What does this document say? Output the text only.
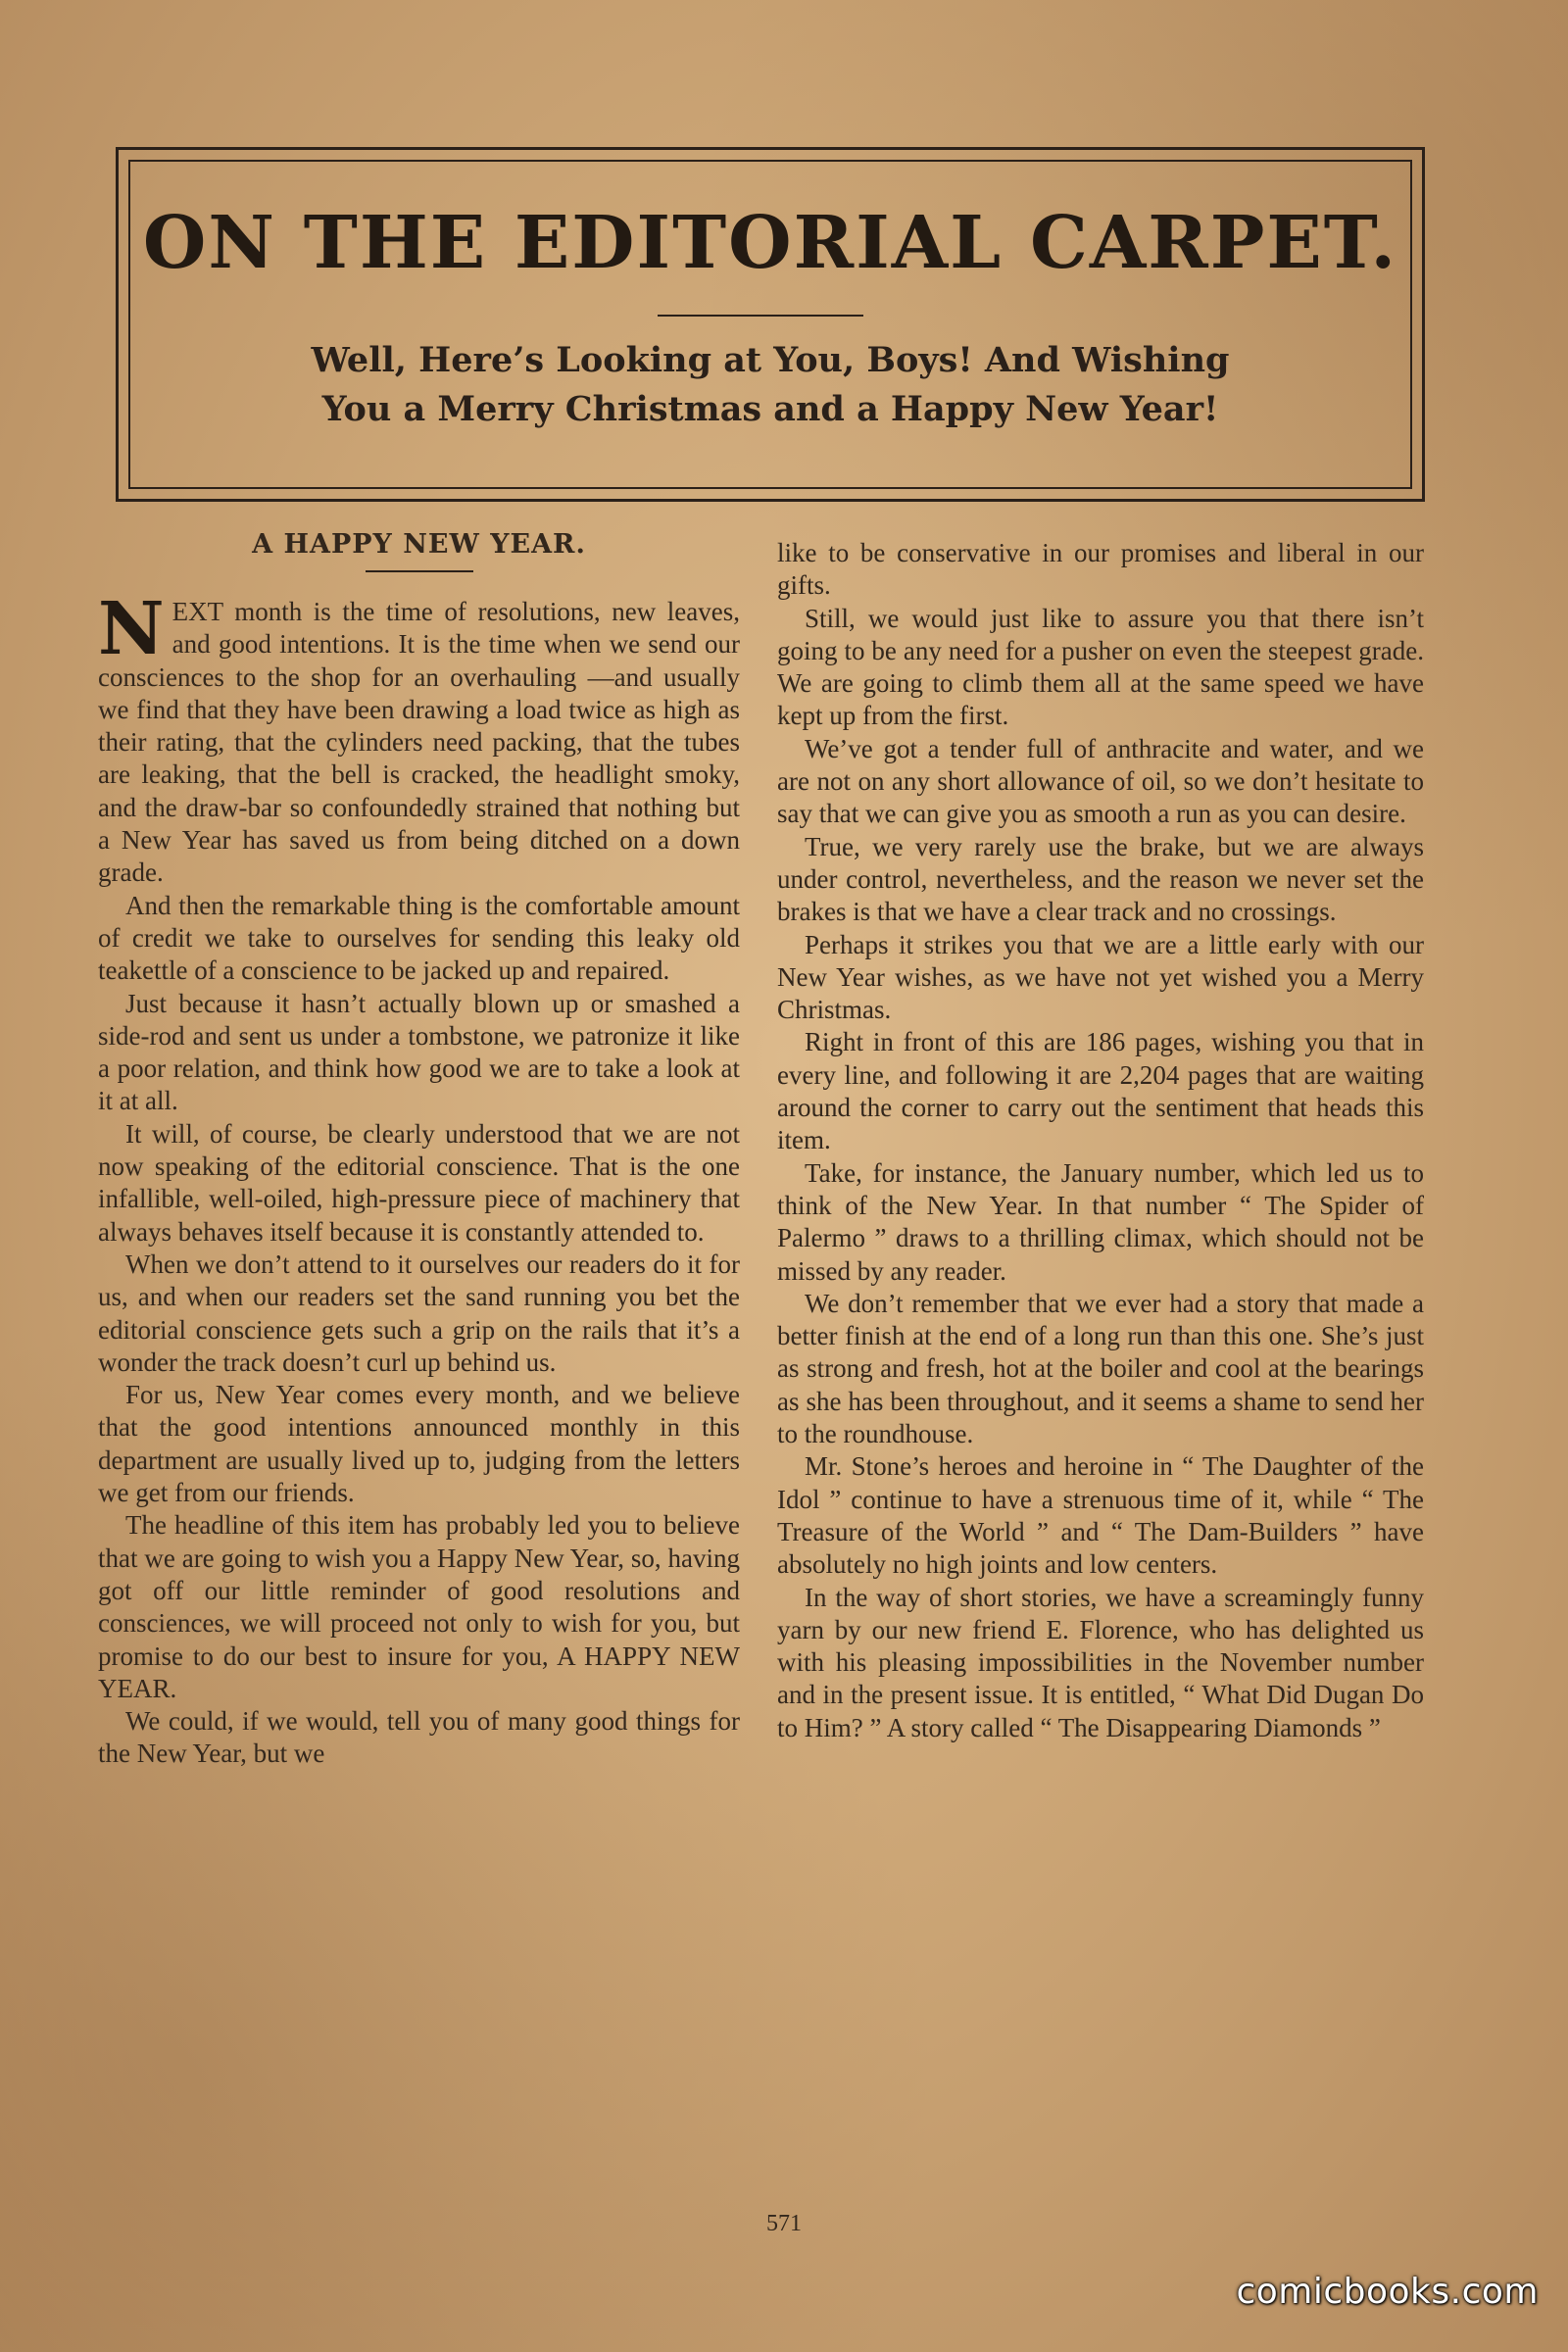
ON THE EDITORIAL CARPET.
Well, Here’s Looking at You, Boys! And Wishing
You a Merry Christmas and a Happy New Year!
A HAPPY NEW YEAR.

NEXT month is the time of resolutions, new leaves, and good intentions. It is the time when we send our consciences to the shop for an overhauling —and usually we find that they have been drawing a load twice as high as their rating, that the cylinders need packing, that the tubes are leaking, that the bell is cracked, the headlight smoky, and the draw-bar so confoundedly strained that nothing but a New Year has saved us from being ditched on a down grade.

And then the remarkable thing is the comfortable amount of credit we take to ourselves for sending this leaky old teakettle of a conscience to be jacked up and repaired.

Just because it hasn’t actually blown up or smashed a side-rod and sent us under a tombstone, we patronize it like a poor relation, and think how good we are to take a look at it at all.

It will, of course, be clearly understood that we are not now speaking of the editorial conscience. That is the one infallible, well-oiled, high-pressure piece of machinery that always behaves itself because it is constantly attended to.

When we don’t attend to it ourselves our readers do it for us, and when our readers set the sand running you bet the editorial conscience gets such a grip on the rails that it’s a wonder the track doesn’t curl up behind us.

For us, New Year comes every month, and we believe that the good intentions announced monthly in this department are usually lived up to, judging from the letters we get from our friends.

The headline of this item has probably led you to believe that we are going to wish you a Happy New Year, so, having got off our little reminder of good resolutions and consciences, we will proceed not only to wish for you, but promise to do our best to insure for you, A HAPPY NEW YEAR.

We could, if we would, tell you of many good things for the New Year, but we

like to be conservative in our promises and liberal in our gifts.

Still, we would just like to assure you that there isn’t going to be any need for a pusher on even the steepest grade. We are going to climb them all at the same speed we have kept up from the first.

We’ve got a tender full of anthracite and water, and we are not on any short allowance of oil, so we don’t hesitate to say that we can give you as smooth a run as you can desire.

True, we very rarely use the brake, but we are always under control, nevertheless, and the reason we never set the brakes is that we have a clear track and no crossings.

Perhaps it strikes you that we are a little early with our New Year wishes, as we have not yet wished you a Merry Christmas.

Right in front of this are 186 pages, wishing you that in every line, and following it are 2,204 pages that are waiting around the corner to carry out the sentiment that heads this item.

Take, for instance, the January number, which led us to think of the New Year. In that number “ The Spider of Palermo ” draws to a thrilling climax, which should not be missed by any reader.

We don’t remember that we ever had a story that made a better finish at the end of a long run than this one. She’s just as strong and fresh, hot at the boiler and cool at the bearings as she has been throughout, and it seems a shame to send her to the roundhouse.

Mr. Stone’s heroes and heroine in “ The Daughter of the Idol ” continue to have a strenuous time of it, while “ The Treasure of the World ” and “ The Dam-Builders ” have absolutely no high joints and low centers.

In the way of short stories, we have a screamingly funny yarn by our new friend E. Florence, who has delighted us with his pleasing impossibilities in the November number and in the present issue. It is entitled, “ What Did Dugan Do to Him? ” A story called “ The Disappearing Diamonds ”

571
comicbooks.com
